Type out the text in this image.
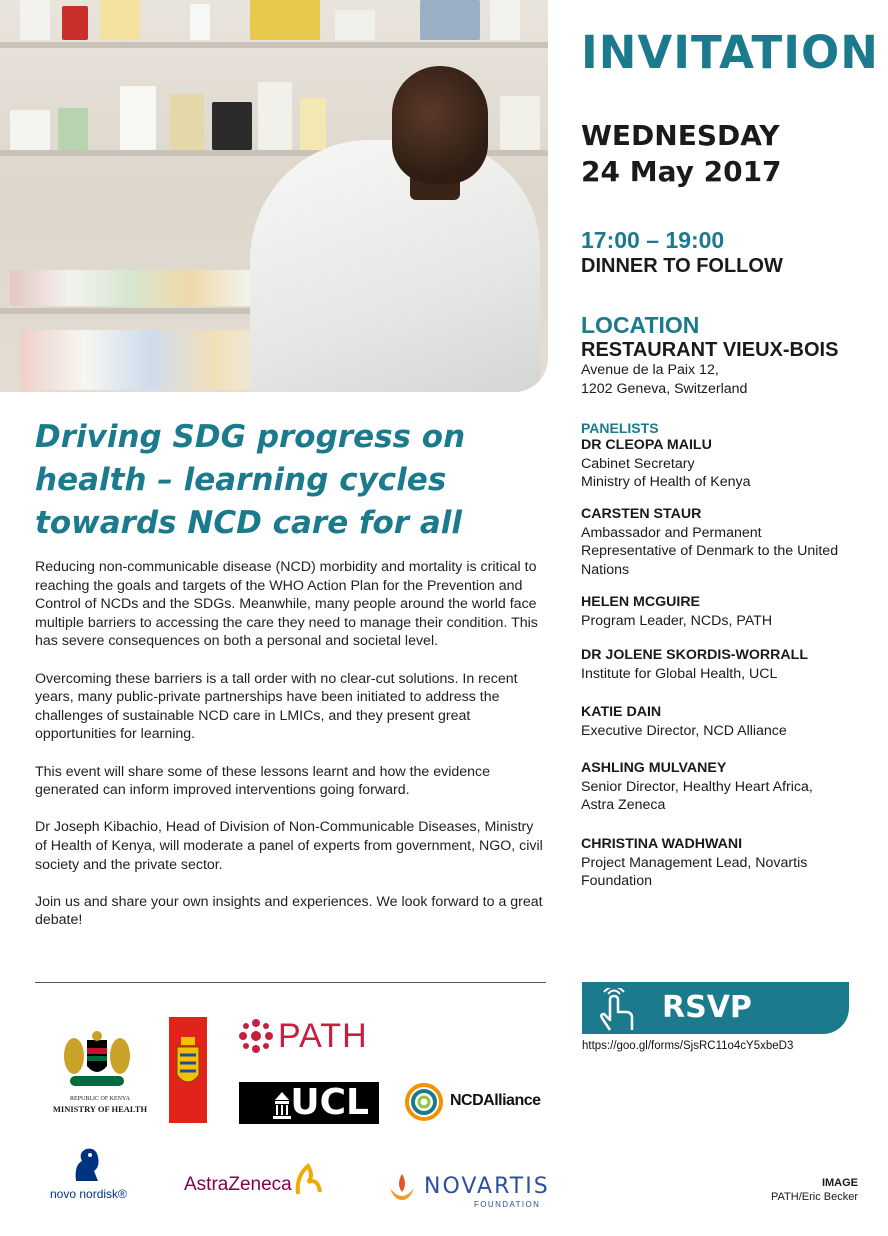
Driving SDG progress on
health – learning cycles
towards NCD care for all

Reducing non-communicable disease (NCD) morbidity and mortality is critical to reaching the goals and targets of the WHO Action Plan for the Prevention and Control of NCDs and the SDGs. Meanwhile, many people around the world face multiple barriers to accessing the care they need to manage their condition. This has severe consequences on both a personal and societal level.

Overcoming these barriers is a tall order with no clear-cut solutions. In recent years, many public-private partnerships have been initiated to address the challenges of sustainable NCD care in LMICs, and they present great opportunities for learning.

This event will share some of these lessons learnt and how the evidence generated can inform improved interventions going forward.

Dr Joseph Kibachio, Head of Division of Non-Communicable Diseases, Ministry of Health of Kenya, will moderate a panel of experts from government, NGO, civil society and the private sector.

Join us and share your own insights and experiences. We look forward to a great debate!

REPUBLIC OF KENYA
MINISTRY OF HEALTH
PATH
UCL	NCDAlliance
novo nordisk®	AstraZeneca	NOVARTIS
FOUNDATION
INVITATION
WEDNESDAY
24 May 2017
17:00 – 19:00
DINNER TO FOLLOW
LOCATION
RESTAURANT VIEUX-BOIS
Avenue de la Paix 12,
1202 Geneva, Switzerland
PANELISTS
DR CLEOPA MAILU
Cabinet Secretary
Ministry of Health of Kenya
CARSTEN STAUR
Ambassador and Permanent
Representative of Denmark to the United
Nations
HELEN MCGUIRE
Program Leader, NCDs, PATH
DR JOLENE SKORDIS-WORRALL
Institute for Global Health, UCL
KATIE DAIN
Executive Director, NCD Alliance
ASHLING MULVANEY
Senior Director, Healthy Heart Africa,
Astra Zeneca
CHRISTINA WADHWANI
Project Management Lead, Novartis
Foundation
RSVP
https://goo.gl/forms/SjsRC11o4cY5xbeD3
IMAGE
PATH/Eric Becker
